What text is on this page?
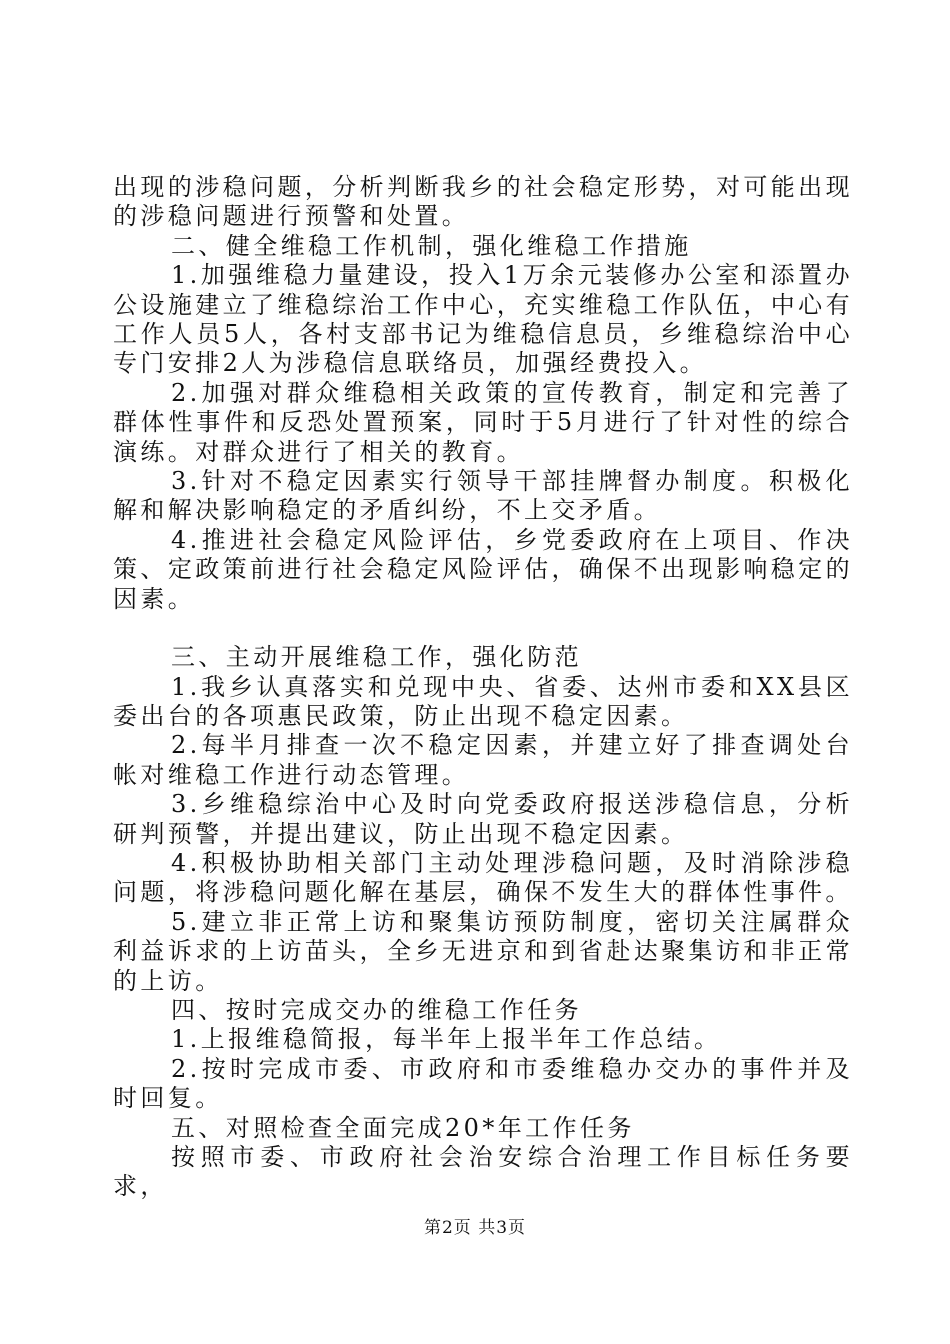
出现的涉稳问题，分析判断我乡的社会稳定形势，对可能出现的涉稳问题进行预警和处置。

二、健全维稳工作机制，强化维稳工作措施

1.加强维稳力量建设，投入1万余元装修办公室和添置办公设施建立了维稳综治工作中心，充实维稳工作队伍，中心有工作人员5人，各村支部书记为维稳信息员，乡维稳综治中心专门安排2人为涉稳信息联络员，加强经费投入。

2.加强对群众维稳相关政策的宣传教育，制定和完善了群体性事件和反恐处置预案，同时于5月进行了针对性的综合演练。对群众进行了相关的教育。

3.针对不稳定因素实行领导干部挂牌督办制度。积极化解和解决影响稳定的矛盾纠纷，不上交矛盾。

4.推进社会稳定风险评估，乡党委政府在上项目、作决策、定政策前进行社会稳定风险评估，确保不出现影响稳定的因素。

三、主动开展维稳工作，强化防范

1.我乡认真落实和兑现中央、省委、达州市委和XX县区委出台的各项惠民政策，防止出现不稳定因素。

2.每半月排查一次不稳定因素，并建立好了排查调处台帐对维稳工作进行动态管理。

3.乡维稳综治中心及时向党委政府报送涉稳信息，分析研判预警，并提出建议，防止出现不稳定因素。

4.积极协助相关部门主动处理涉稳问题，及时消除涉稳问题，将涉稳问题化解在基层，确保不发生大的群体性事件。

5.建立非正常上访和聚集访预防制度，密切关注属群众利益诉求的上访苗头，全乡无进京和到省赴达聚集访和非正常的上访。

四、按时完成交办的维稳工作任务

1.上报维稳简报，每半年上报半年工作总结。

2.按时完成市委、市政府和市委维稳办交办的事件并及时回复。

五、对照检查全面完成20*年工作任务

按照市委、市政府社会治安综合治理工作目标任务要求，

第2页 共3页
